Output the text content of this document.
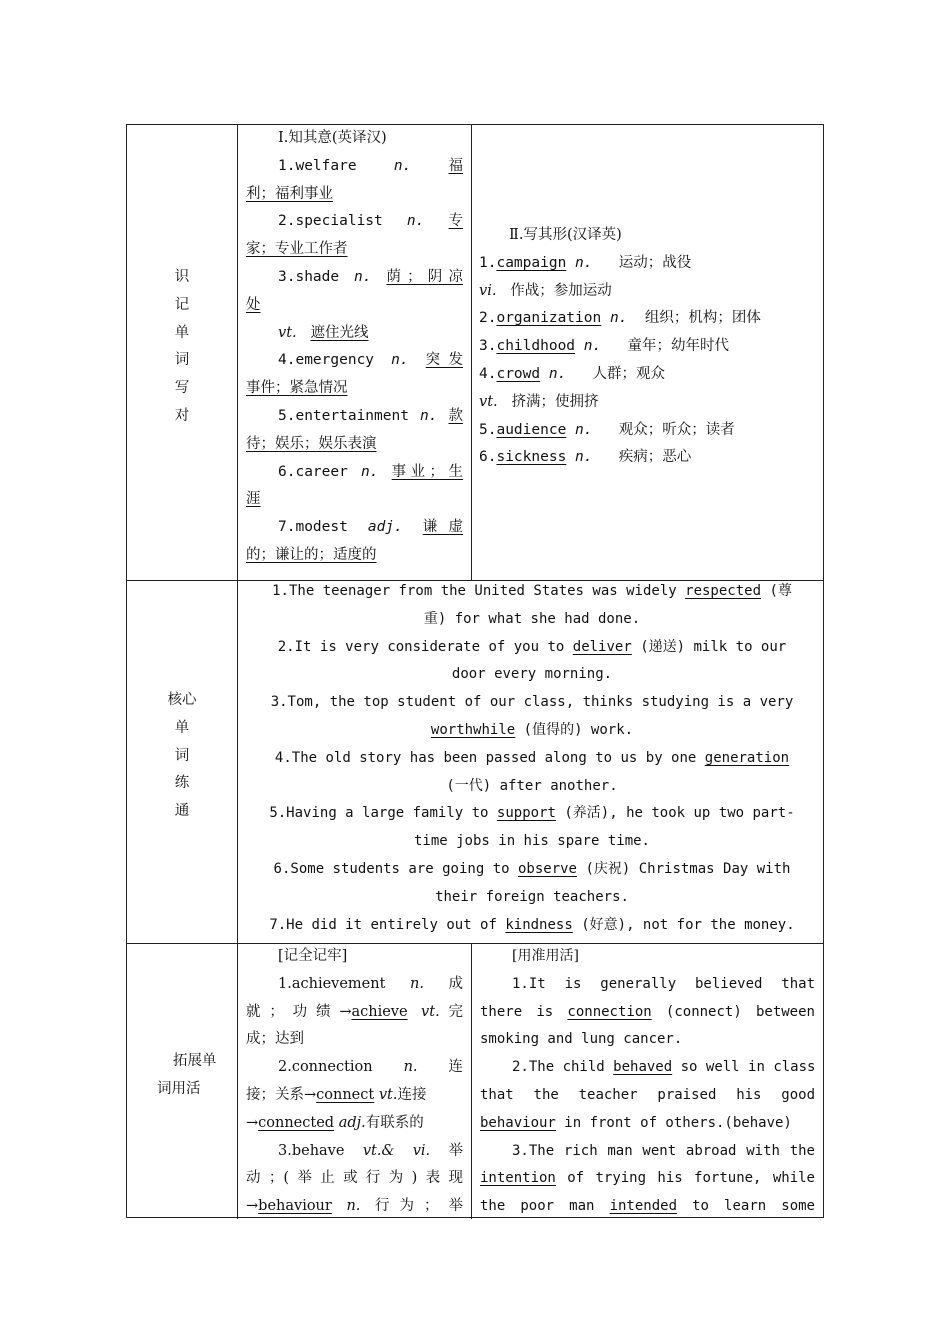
识
记
单
词
写
对
Ⅰ.知其意(英译汉)
1.welfare	n.	福
利；福利事业
2.specialist n. 专
家；专业工作者
3.shade n. 荫；阴凉
处
vt. 遮住光线
4.emergency n. 突发
事件；紧急情况
5.entertainment n. 款
待；娱乐；娱乐表演
6.career n. 事业；生
涯
7.modest adj. 谦虚
的；谦让的；适度的
Ⅱ.写其形(汉译英)
1.campaign n. 运动；战役
vi. 作战；参加运动
2.organization n. 组织；机构；团体
3.childhood n. 童年；幼年时代
4.crowd n. 人群；观众
vt. 挤满；使拥挤
5.audience n. 观众；听众；读者
6.sickness n. 疾病；恶心
核心
单
词
练
通
1.The teenager from the United States was widely respected (尊
重) for what she had done.
2.It is very considerate of you to deliver (递送) milk to our
door every morning.
3.Tom, the top student of our class, thinks studying is a very
worthwhile (值得的) work.
4.The old story has been passed along to us by one generation
(一代) after another.
5.Having a large family to support (养活), he took up two part-
time jobs in his spare time.
6.Some students are going to observe (庆祝) Christmas Day with
their foreign teachers.
7.He did it entirely out of kindness (好意), not for the money.
拓展单
词用活
[记全记牢]
1.achievement n. 成
就；功绩→achieve vt.完
成；达到
2.connection n. 连
接；关系→connect vt.连接
→connected adj.有联系的
3.behave vt.& vi. 举
动；(举止或行为)表现
→behaviour n. 行为；举
[用准用活]
1.It is generally believed that
there is connection (connect) between
smoking and lung cancer.
2.The child behaved so well in class
that the teacher praised his good
behaviour in front of others.(behave)
3.The rich man went abroad with the
intention of trying his fortune, while
the poor man intended to learn some
